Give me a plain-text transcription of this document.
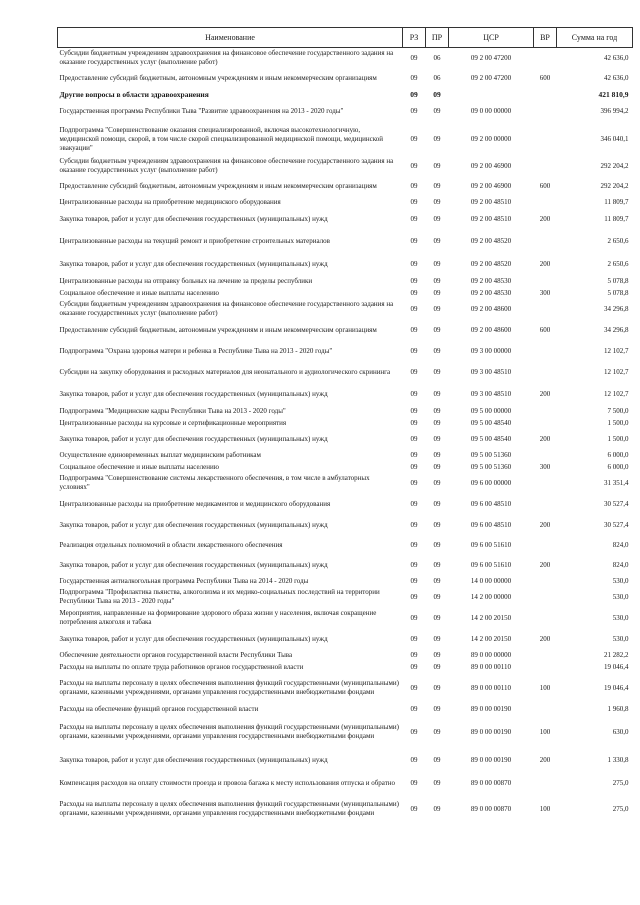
Наименование	РЗ	ПР	ЦСР	ВР	Сумма на год
Субсидии бюджетным учреждениям здравоохранения на финансовое обеспечение государственного задания на оказание государственных услуг (выполнение работ)	09	06	09 2 00 47200		42 636,0
Предоставление субсидий бюджетным, автономным учреждениям и иным некоммерческим организациям	09	06	09 2 00 47200	600	42 636,0
Другие вопросы в области здравоохранения	09	09			421 810,9
Государственная программа Республики Тыва "Развитие здравоохранения на 2013 - 2020 годы"	09	09	09 0 00 00000		396 994,2
Подпрограмма "Совершенствование оказания специализированной, включая высокотехнологичную, медицинской помощи, скорой, в том числе скорой специализированной медицинской помощи, медицинской эвакуации"	09	09	09 2 00 00000		346 040,1
Субсидии бюджетным учреждениям здравоохранения на финансовое обеспечение государственного задания на оказание государственных услуг (выполнение работ)	09	09	09 2 00 46900		292 204,2
Предоставление субсидий бюджетным, автономным учреждениям и иным некоммерческим организациям	09	09	09 2 00 46900	600	292 204,2
Централизованные расходы на приобретение медицинского оборудования	09	09	09 2 00 48510		11 809,7
Закупка товаров, работ и услуг для обеспечения государственных (муниципальных) нужд	09	09	09 2 00 48510	200	11 809,7
Централизованные расходы на текущий ремонт и приобретение строительных материалов	09	09	09 2 00 48520		2 650,6
Закупка товаров, работ и услуг для обеспечения государственных (муниципальных) нужд	09	09	09 2 00 48520	200	2 650,6
Централизованные расходы на отправку больных на лечение за пределы республики	09	09	09 2 00 48530		5 078,8
Социальное обеспечение и иные выплаты населению	09	09	09 2 00 48530	300	5 078,8
Субсидии бюджетным учреждениям здравоохранения на финансовое обеспечение государственного задания на оказание государственных услуг (выполнение работ)	09	09	09 2 00 48600		34 296,8
Предоставление субсидий бюджетным, автономным учреждениям и иным некоммерческим организациям	09	09	09 2 00 48600	600	34 296,8
Подпрограмма "Охрана здоровья матери и ребенка в Республике Тыва на 2013 - 2020 годы"	09	09	09 3 00 00000		12 102,7
Субсидии на закупку оборудования и расходных материалов для неонатального и аудиологического скрининга	09	09	09 3 00 48510		12 102,7
Закупка товаров, работ и услуг для обеспечения государственных (муниципальных) нужд	09	09	09 3 00 48510	200	12 102,7
Подпрограмма "Медицинские кадры Республики Тыва на 2013 - 2020 годы"	09	09	09 5 00 00000		7 500,0
Централизованные расходы на курсовые и сертификационные мероприятия	09	09	09 5 00 48540		1 500,0
Закупка товаров, работ и услуг для обеспечения государственных (муниципальных) нужд	09	09	09 5 00 48540	200	1 500,0
Осуществление единовременных выплат медицинским работникам	09	09	09 5 00 51360		6 000,0
Социальное обеспечение и иные выплаты населению	09	09	09 5 00 51360	300	6 000,0
Подпрограмма "Совершенствование системы лекарственного обеспечения, в том числе в амбулаторных условиях"	09	09	09 6 00 00000		31 351,4
Централизованные расходы на приобретение медикаментов и медицинского оборудования	09	09	09 6 00 48510		30 527,4
Закупка товаров, работ и услуг для обеспечения государственных (муниципальных) нужд	09	09	09 6 00 48510	200	30 527,4
Реализация отдельных полномочий в области лекарственного обеспечения	09	09	09 6 00 51610		824,0
Закупка товаров, работ и услуг для обеспечения государственных (муниципальных) нужд	09	09	09 6 00 51610	200	824,0
Государственная антиалкогольная программа Республики Тыва на 2014 - 2020 годы	09	09	14 0 00 00000		530,0
Подпрограмма "Профилактика пьянства, алкоголизма и их медико-социальных последствий на территории Республики Тыва на 2013 - 2020 годы"	09	09	14 2 00 00000		530,0
Мероприятия, направленные на формирование здорового образа жизни у населения, включая сокращение потребления алкоголя и табака	09	09	14 2 00 20150		530,0
Закупка товаров, работ и услуг для обеспечения государственных (муниципальных) нужд	09	09	14 2 00 20150	200	530,0
Обеспечение деятельности органов государственной власти Республики Тыва	09	09	89 0 00 00000		21 282,2
Расходы на выплаты по оплате труда работников органов государственной власти	09	09	89 0 00 00110		19 046,4
Расходы на выплаты персоналу в целях обеспечения выполнения функций государственными (муниципальными) органами, казенными учреждениями, органами управления государственными внебюджетными фондами	09	09	89 0 00 00110	100	19 046,4
Расходы на обеспечение функций органов государственной власти	09	09	89 0 00 00190		1 960,8
Расходы на выплаты персоналу в целях обеспечения выполнения функций государственными (муниципальными) органами, казенными учреждениями, органами управления государственными внебюджетными фондами	09	09	89 0 00 00190	100	630,0
Закупка товаров, работ и услуг для обеспечения государственных (муниципальных) нужд	09	09	89 0 00 00190	200	1 330,8
Компенсация расходов на оплату стоимости проезда и провоза багажа к месту использования отпуска и обратно	09	09	89 0 00 00870		275,0
Расходы на выплаты персоналу в целях обеспечения выполнения функций государственными (муниципальными) органами, казенными учреждениями, органами управления государственными внебюджетными фондами	09	09	89 0 00 00870	100	275,0
